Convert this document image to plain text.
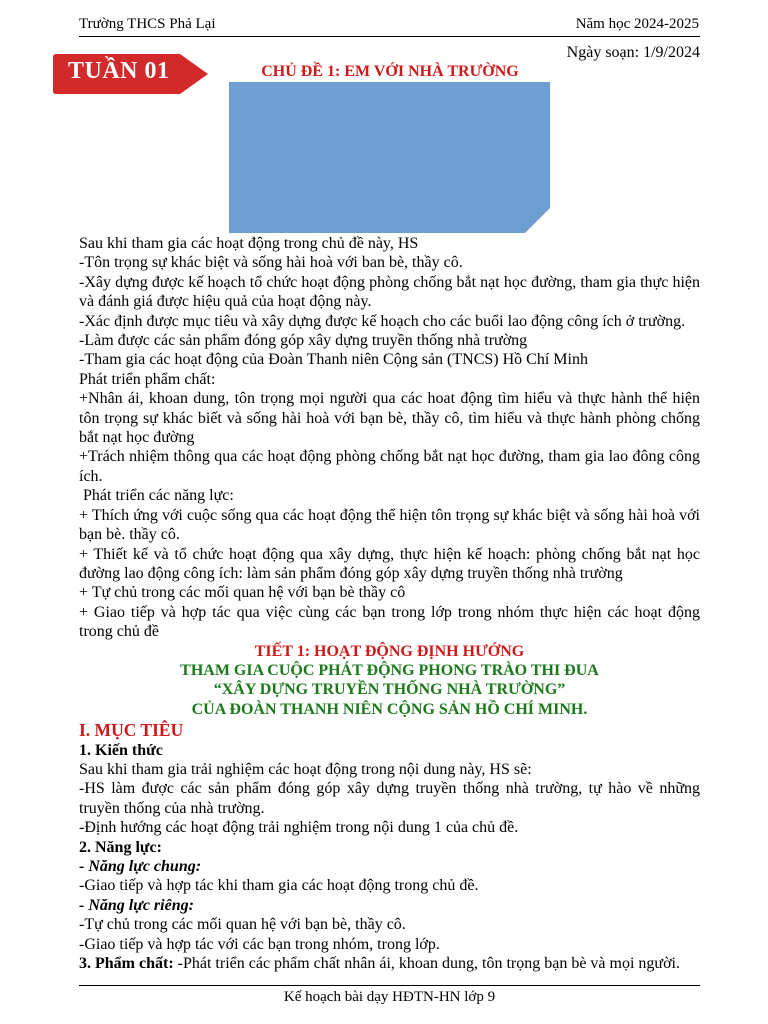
Trường THCS Phả Lại	Năm học 2024-2025
Ngày soạn: 1/9/2024
TUẦN 01	CHỦ ĐỀ 1: EM VỚI NHÀ TRƯỜNG

Sau khi tham gia các hoạt động trong chủ đề này, HS

-Tôn trọng sự khác biệt và sống hài hoà với ban bè, thầy cô.

-Xây dựng được kế hoạch tổ chức hoạt động phòng chống bắt nạt học đường, tham gia thực hiện và đánh giá được hiệu quả của hoạt động này.

-Xác định được mục tiêu và xây dựng được kế hoạch cho các buổi lao động công ích ở trường.

-Làm được các sản phẩm đóng góp xây dựng truyền thống nhà trường

-Tham gia các hoạt động của Đoàn Thanh niên Cộng sản (TNCS) Hồ Chí Minh

Phát triển phẩm chất:

+Nhân ái, khoan dung, tôn trọng mọi người qua các hoat động tìm hiểu và thực hành thể hiện tôn trọng sự khác biết và sống hài hoà với bạn bè, thầy cô, tìm hiểu và thực hành phòng chống bắt nạt học đường

+Trách nhiệm thông qua các hoạt động phòng chống bắt nạt học đường, tham gia lao đông công ích.

Phát triển các năng lực:

+ Thích ứng với cuộc sống qua các hoạt động thể hiện tôn trọng sự khác biệt và sống hài hoà với bạn bè. thầy cô.

+ Thiết kế và tổ chức hoạt động qua xây dựng, thực hiện kế hoạch: phòng chống bắt nạt học đường lao động công ích: làm sản phẩm đóng góp xây dựng truyền thống nhà trường

+ Tự chủ trong các mối quan hệ với bạn bè thầy cô

+ Giao tiếp và hợp tác qua việc cùng các bạn trong lớp trong nhóm thực hiện các hoạt động trong chủ đề

TIẾT 1: HOẠT ĐỘNG ĐỊNH HƯỚNG

THAM GIA CUỘC PHÁT ĐỘNG PHONG TRÀO THI ĐUA

“XÂY DỰNG TRUYỀN THỐNG NHÀ TRƯỜNG”

CỦA ĐOÀN THANH NIÊN CỘNG SẢN HỒ CHÍ MINH.

I. MỤC TIÊU

1. Kiến thức

Sau khi tham gia trải nghiệm các hoạt động trong nội dung này, HS sẽ:

-HS làm được các sản phẩm đóng góp xây dựng truyền thống nhà trường, tự hào về những truyền thống của nhà trường.

-Định hướng các hoạt động trải nghiệm trong nội dung 1 của chủ đề.

2. Năng lực:

- Năng lực chung:

-Giao tiếp và hợp tác khi tham gia các hoạt động trong chủ đề.

- Năng lực riêng:

-Tự chủ trong các mối quan hệ với bạn bè, thầy cô.

-Giao tiếp và hợp tác với các bạn trong nhóm, trong lớp.

3. Phẩm chất: -Phát triển các phẩm chất nhân ái, khoan dung, tôn trọng bạn bè và mọi người.

Kế hoạch bài dạy HĐTN-HN lớp 9
